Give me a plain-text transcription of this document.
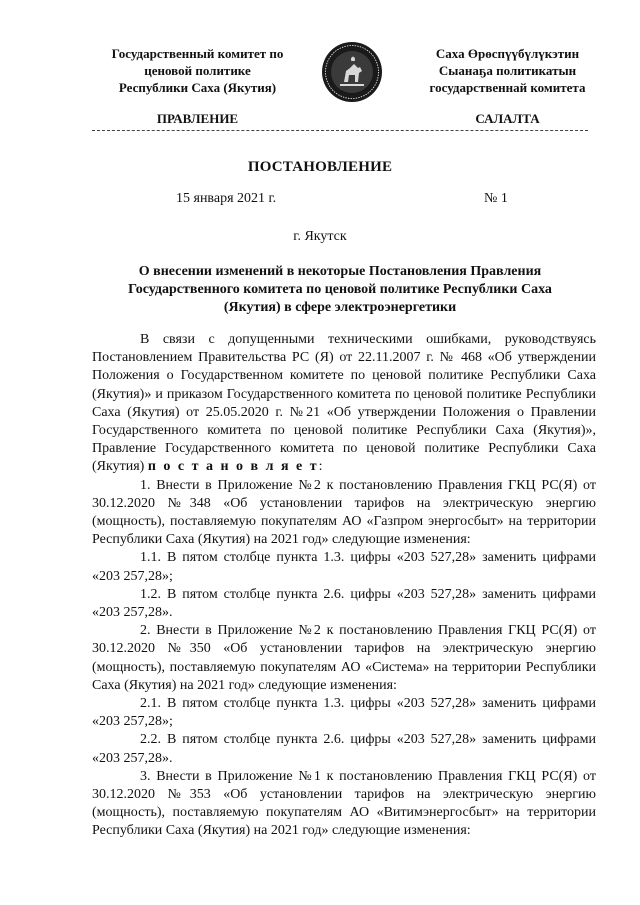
Государственный комитет по
ценовой политике
Республики Саха (Якутия)
Саха Өрөспүүбүлүкэтин
Сыанаҕа политикатын
государственнай комитета
ПРАВЛЕНИЕ	САЛАЛТА
ПОСТАНОВЛЕНИЕ
15 января 2021 г.	№ 1
г. Якутск
О внесении изменений в некоторые Постановления Правления Государственного комитета по ценовой политике Республики Саха (Якутия) в сфере электроэнергетики

В связи с допущенными техническими ошибками, руководствуясь Постановлением Правительства РС (Я) от 22.11.2007 г. № 468 «Об утверждении Положения о Государственном комитете по ценовой политике Республики Саха (Якутия)» и приказом Государственного комитета по ценовой политике Республики Саха (Якутия) от 25.05.2020 г. №21 «Об утверждении Положения о Правлении Государственного комитета по ценовой политике Республики Саха (Якутия)», Правление Государственного комитета по ценовой политике Республики Саха (Якутия) п о с т а н о в л я е т:

1. Внести в Приложение №2 к постановлению Правления ГКЦ РС(Я) от 30.12.2020 №348 «Об установлении тарифов на электрическую энергию (мощность), поставляемую покупателям АО «Газпром энергосбыт» на территории Республики Саха (Якутия) на 2021 год» следующие изменения:

1.1. В пятом столбце пункта 1.3. цифры «203 527,28» заменить цифрами «203 257,28»;

1.2. В пятом столбце пункта 2.6. цифры «203 527,28» заменить цифрами «203 257,28».

2. Внести в Приложение №2 к постановлению Правления ГКЦ РС(Я) от 30.12.2020 №350 «Об установлении тарифов на электрическую энергию (мощность), поставляемую покупателям АО «Система» на территории Республики Саха (Якутия) на 2021 год» следующие изменения:

2.1. В пятом столбце пункта 1.3. цифры «203 527,28» заменить цифрами «203 257,28»;

2.2. В пятом столбце пункта 2.6. цифры «203 527,28» заменить цифрами «203 257,28».

3. Внести в Приложение №1 к постановлению Правления ГКЦ РС(Я) от 30.12.2020 №353 «Об установлении тарифов на электрическую энергию (мощность), поставляемую покупателям АО «Витимэнергосбыт» на территории Республики Саха (Якутия) на 2021 год» следующие изменения:
